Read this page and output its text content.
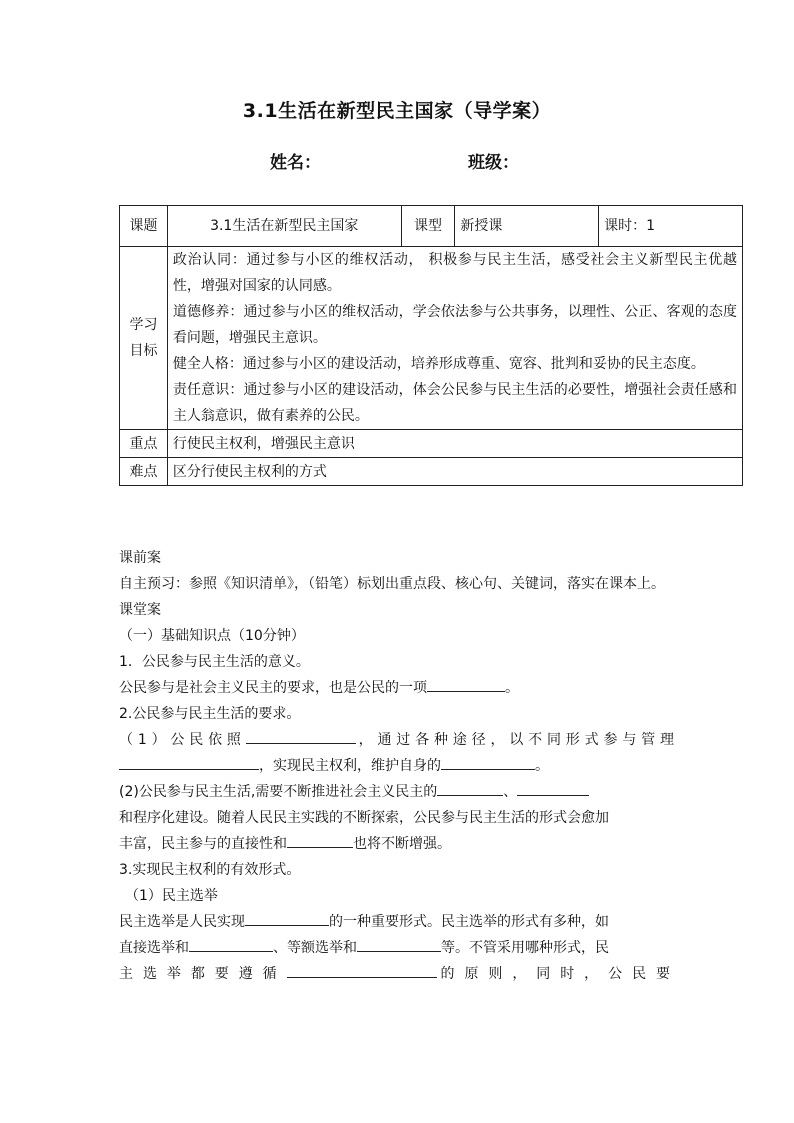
3.1生活在新型民主国家（导学案）
姓名：	班级：
课题	3.1生活在新型民主国家	课型	新授课	课时：1
学习
目标	政治认同：通过参与小区的维权活动， 积极参与民主生活，感受社会主义新型民主优越性，增强对国家的认同感。
道德修养：通过参与小区的维权活动，学会依法参与公共事务，以理性、公正、客观的态度看问题，增强民主意识。
健全人格：通过参与小区的建设活动，培养形成尊重、宽容、批判和妥协的民主态度。
责任意识：通过参与小区的建设活动，体会公民参与民主生活的必要性，增强社会责任感和主人翁意识，做有素养的公民。			

重点	行使民主权利，增强民主意识			
难点	区分行使民主权利的方式			

课前案

自主预习：参照《知识清单》，（铅笔）标划出重点段、核心句、关键词，落实在课本上。

课堂案

（一）基础知识点（10分钟）

1．公民参与民主生活的意义。

公民参与是社会主义民主的要求，也是公民的一项	。

2.公民参与民主生活的要求。

（1）公民依照	，通过各种途径，以不同形式参与管理

，实现民主权利，维护自身的	。

(2)公民参与民主生活,需要不断推进社会主义民主的	、

和程序化建设。随着人民民主实践的不断探索，公民参与民主生活的形式会愈加

丰富，民主参与的直接性和	也将不断增强。

3.实现民主权利的有效形式。

（1）民主选举

民主选举是人民实现	的一种重要形式。民主选举的形式有多种，如

直接选举和	、等额选举和	等。不管采用哪种形式，民

主选举都要遵循	的原则，同时，公民要
